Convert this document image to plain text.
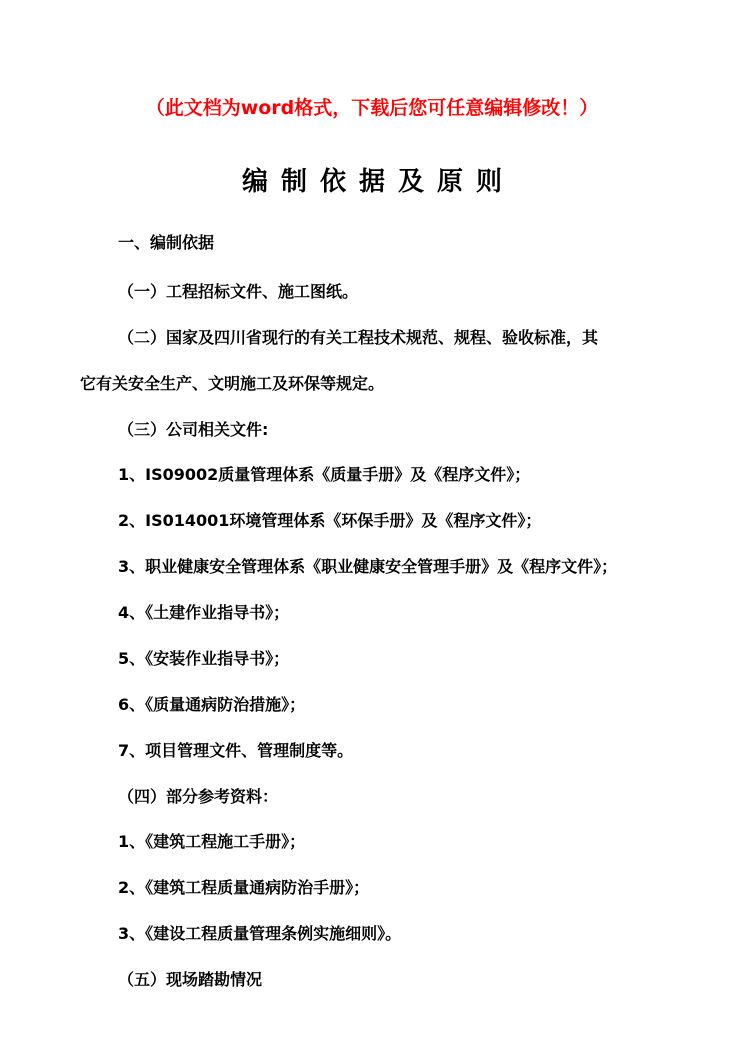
（此文档为word格式，下载后您可任意编辑修改！）
编制依据及原则
一、编制依据
（一）工程招标文件、施工图纸。
（二）国家及四川省现行的有关工程技术规范、规程、验收标准，其
它有关安全生产、文明施工及环保等规定。
（三）公司相关文件:
1、IS09002质量管理体系《质量手册》及《程序文件》；
2、IS014001环境管理体系《环保手册》及《程序文件》；
3、职业健康安全管理体系《职业健康安全管理手册》及《程序文件》；
4、《土建作业指导书》；
5、《安装作业指导书》；
6、《质量通病防治措施》；
7、项目管理文件、管理制度等。
（四）部分参考资料：
1、《建筑工程施工手册》；
2、《建筑工程质量通病防治手册》；
3、《建设工程质量管理条例实施细则》。
（五）现场踏勘情况
